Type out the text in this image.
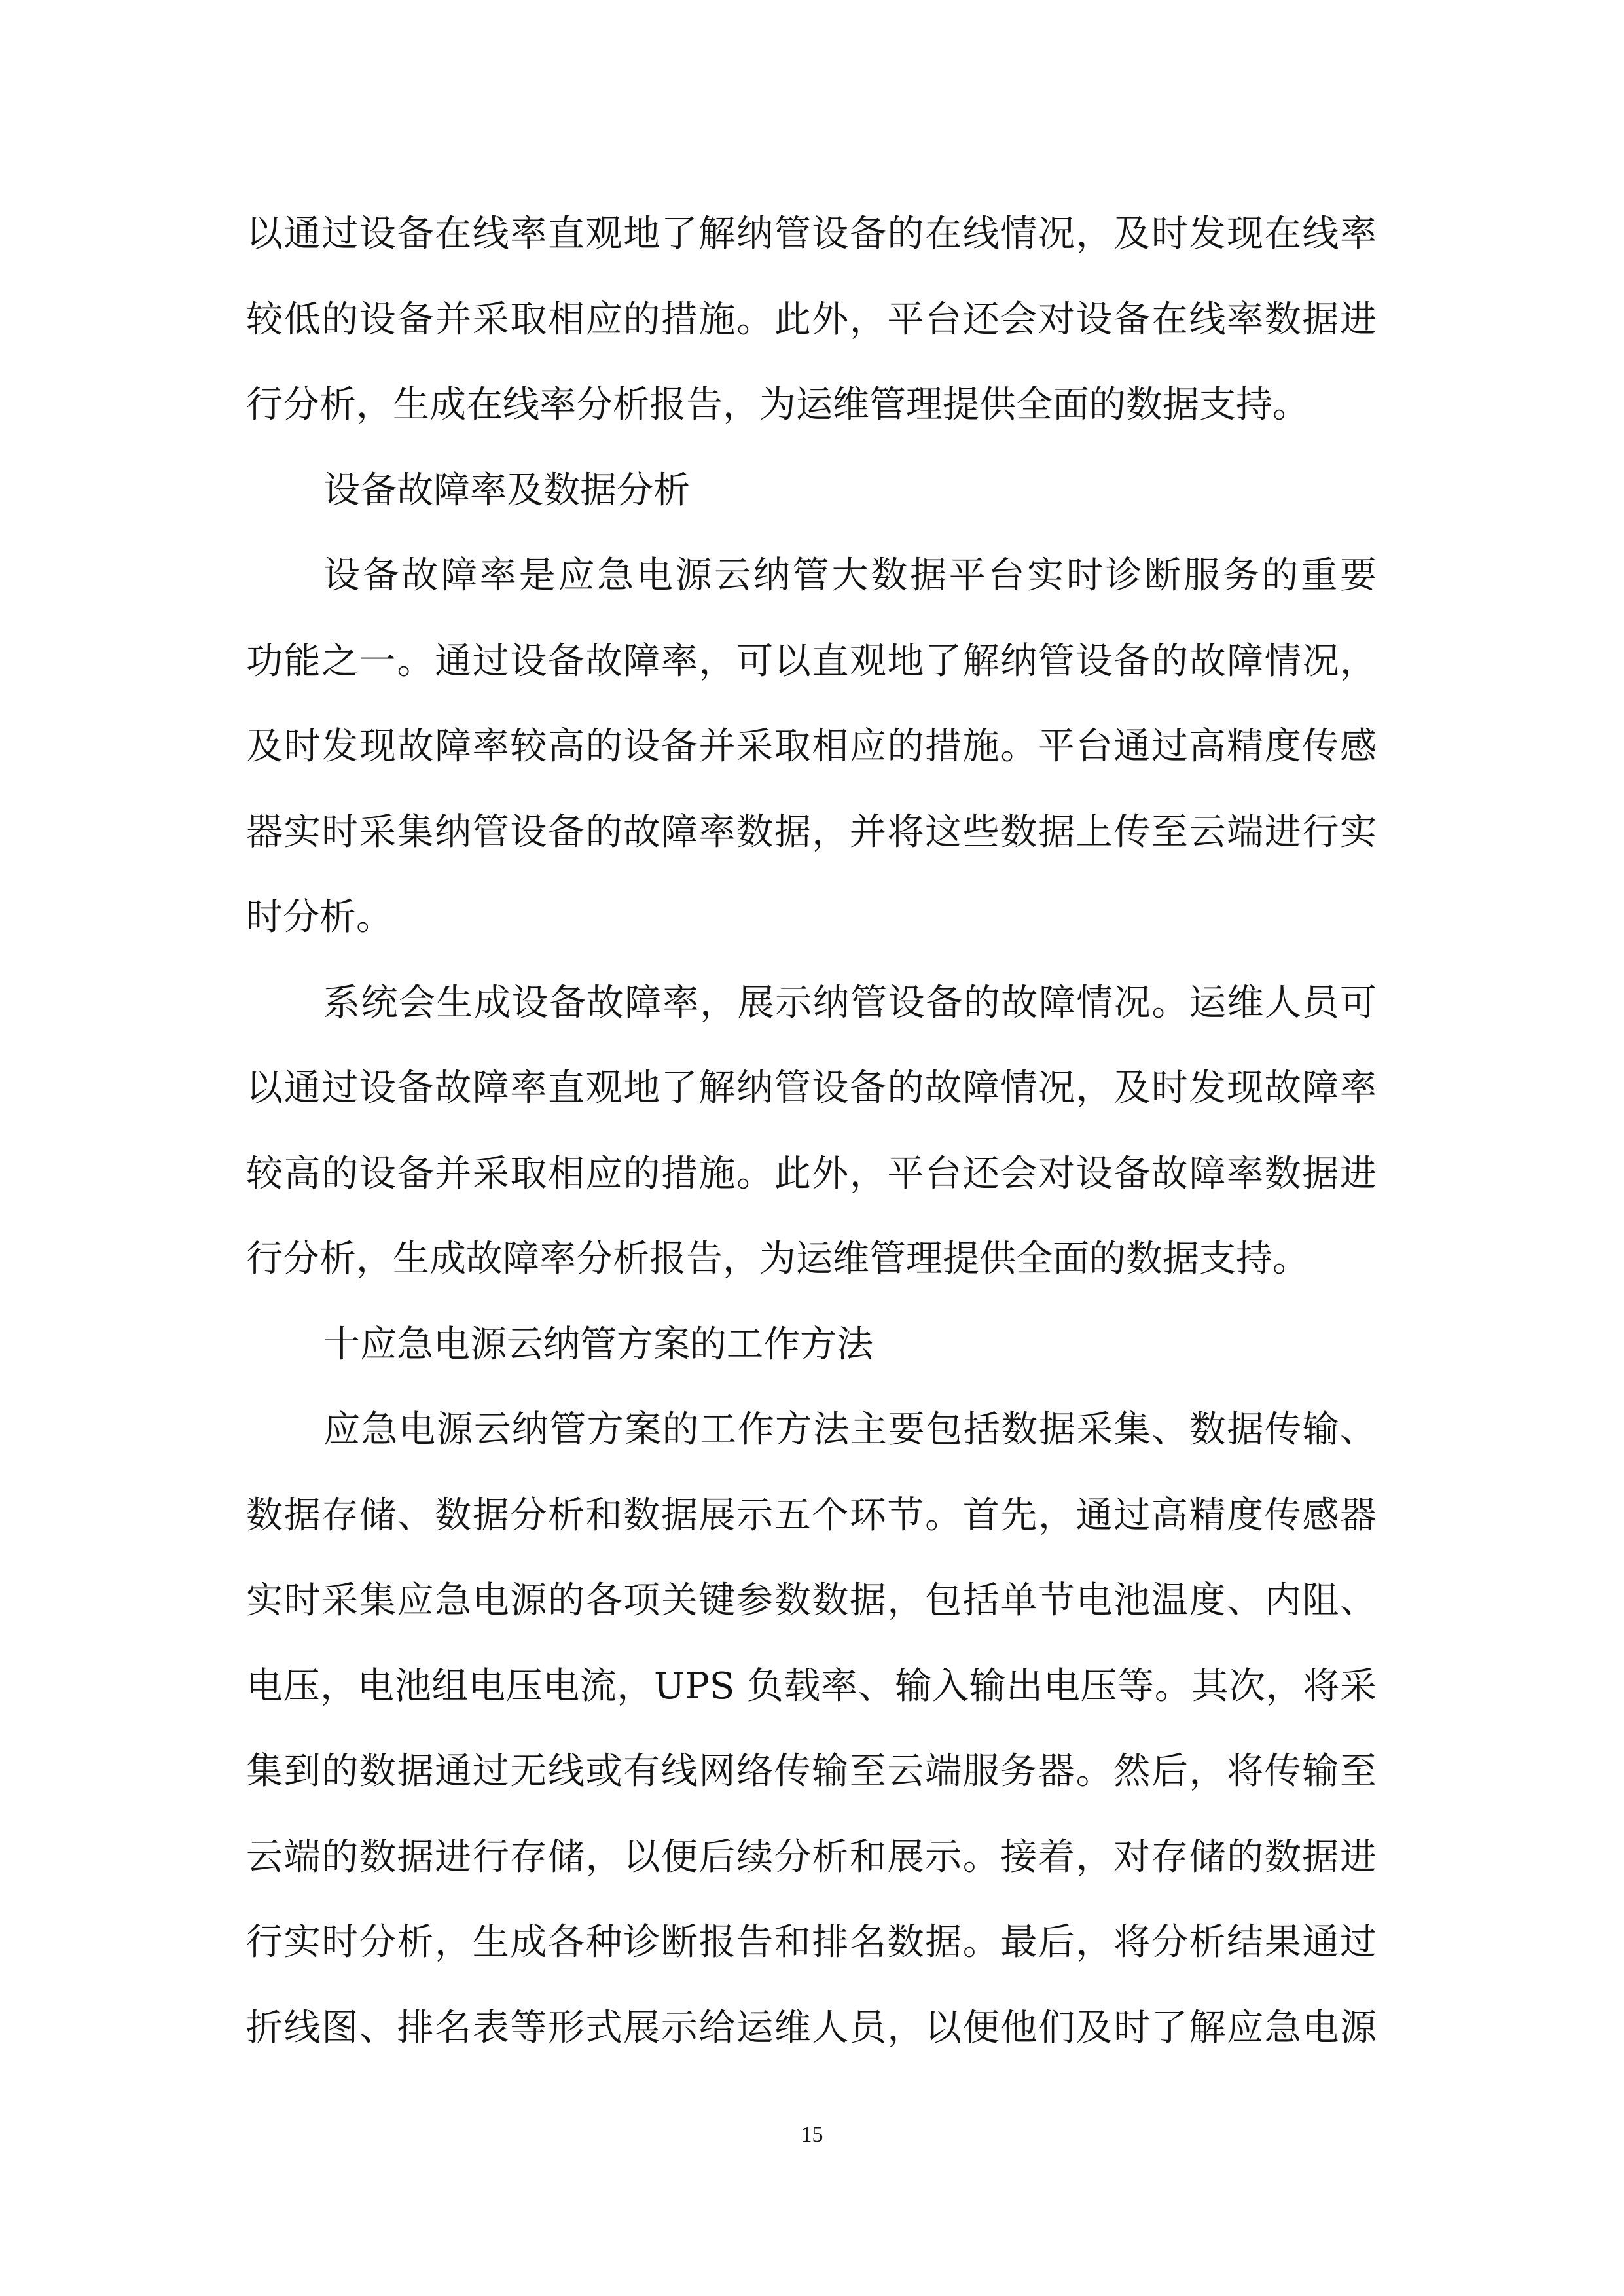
以通过设备在线率直观地了解纳管设备的在线情况，及时发现在线率
较低的设备并采取相应的措施。此外，平台还会对设备在线率数据进
行分析，生成在线率分析报告，为运维管理提供全面的数据支持。
设备故障率及数据分析
设备故障率是应急电源云纳管大数据平台实时诊断服务的重要
功能之一。通过设备故障率，可以直观地了解纳管设备的故障情况，
及时发现故障率较高的设备并采取相应的措施。平台通过高精度传感
器实时采集纳管设备的故障率数据，并将这些数据上传至云端进行实
时分析。
系统会生成设备故障率，展示纳管设备的故障情况。运维人员可
以通过设备故障率直观地了解纳管设备的故障情况，及时发现故障率
较高的设备并采取相应的措施。此外，平台还会对设备故障率数据进
行分析，生成故障率分析报告，为运维管理提供全面的数据支持。
十应急电源云纳管方案的工作方法
应急电源云纳管方案的工作方法主要包括数据采集、数据传输、
数据存储、数据分析和数据展示五个环节。首先，通过高精度传感器
实时采集应急电源的各项关键参数数据，包括单节电池温度、内阻、
电压，电池组电压电流，UPS 负载率、输入输出电压等。其次，将采
集到的数据通过无线或有线网络传输至云端服务器。然后，将传输至
云端的数据进行存储，以便后续分析和展示。接着，对存储的数据进
行实时分析，生成各种诊断报告和排名数据。最后，将分析结果通过
折线图、排名表等形式展示给运维人员，以便他们及时了解应急电源
15
